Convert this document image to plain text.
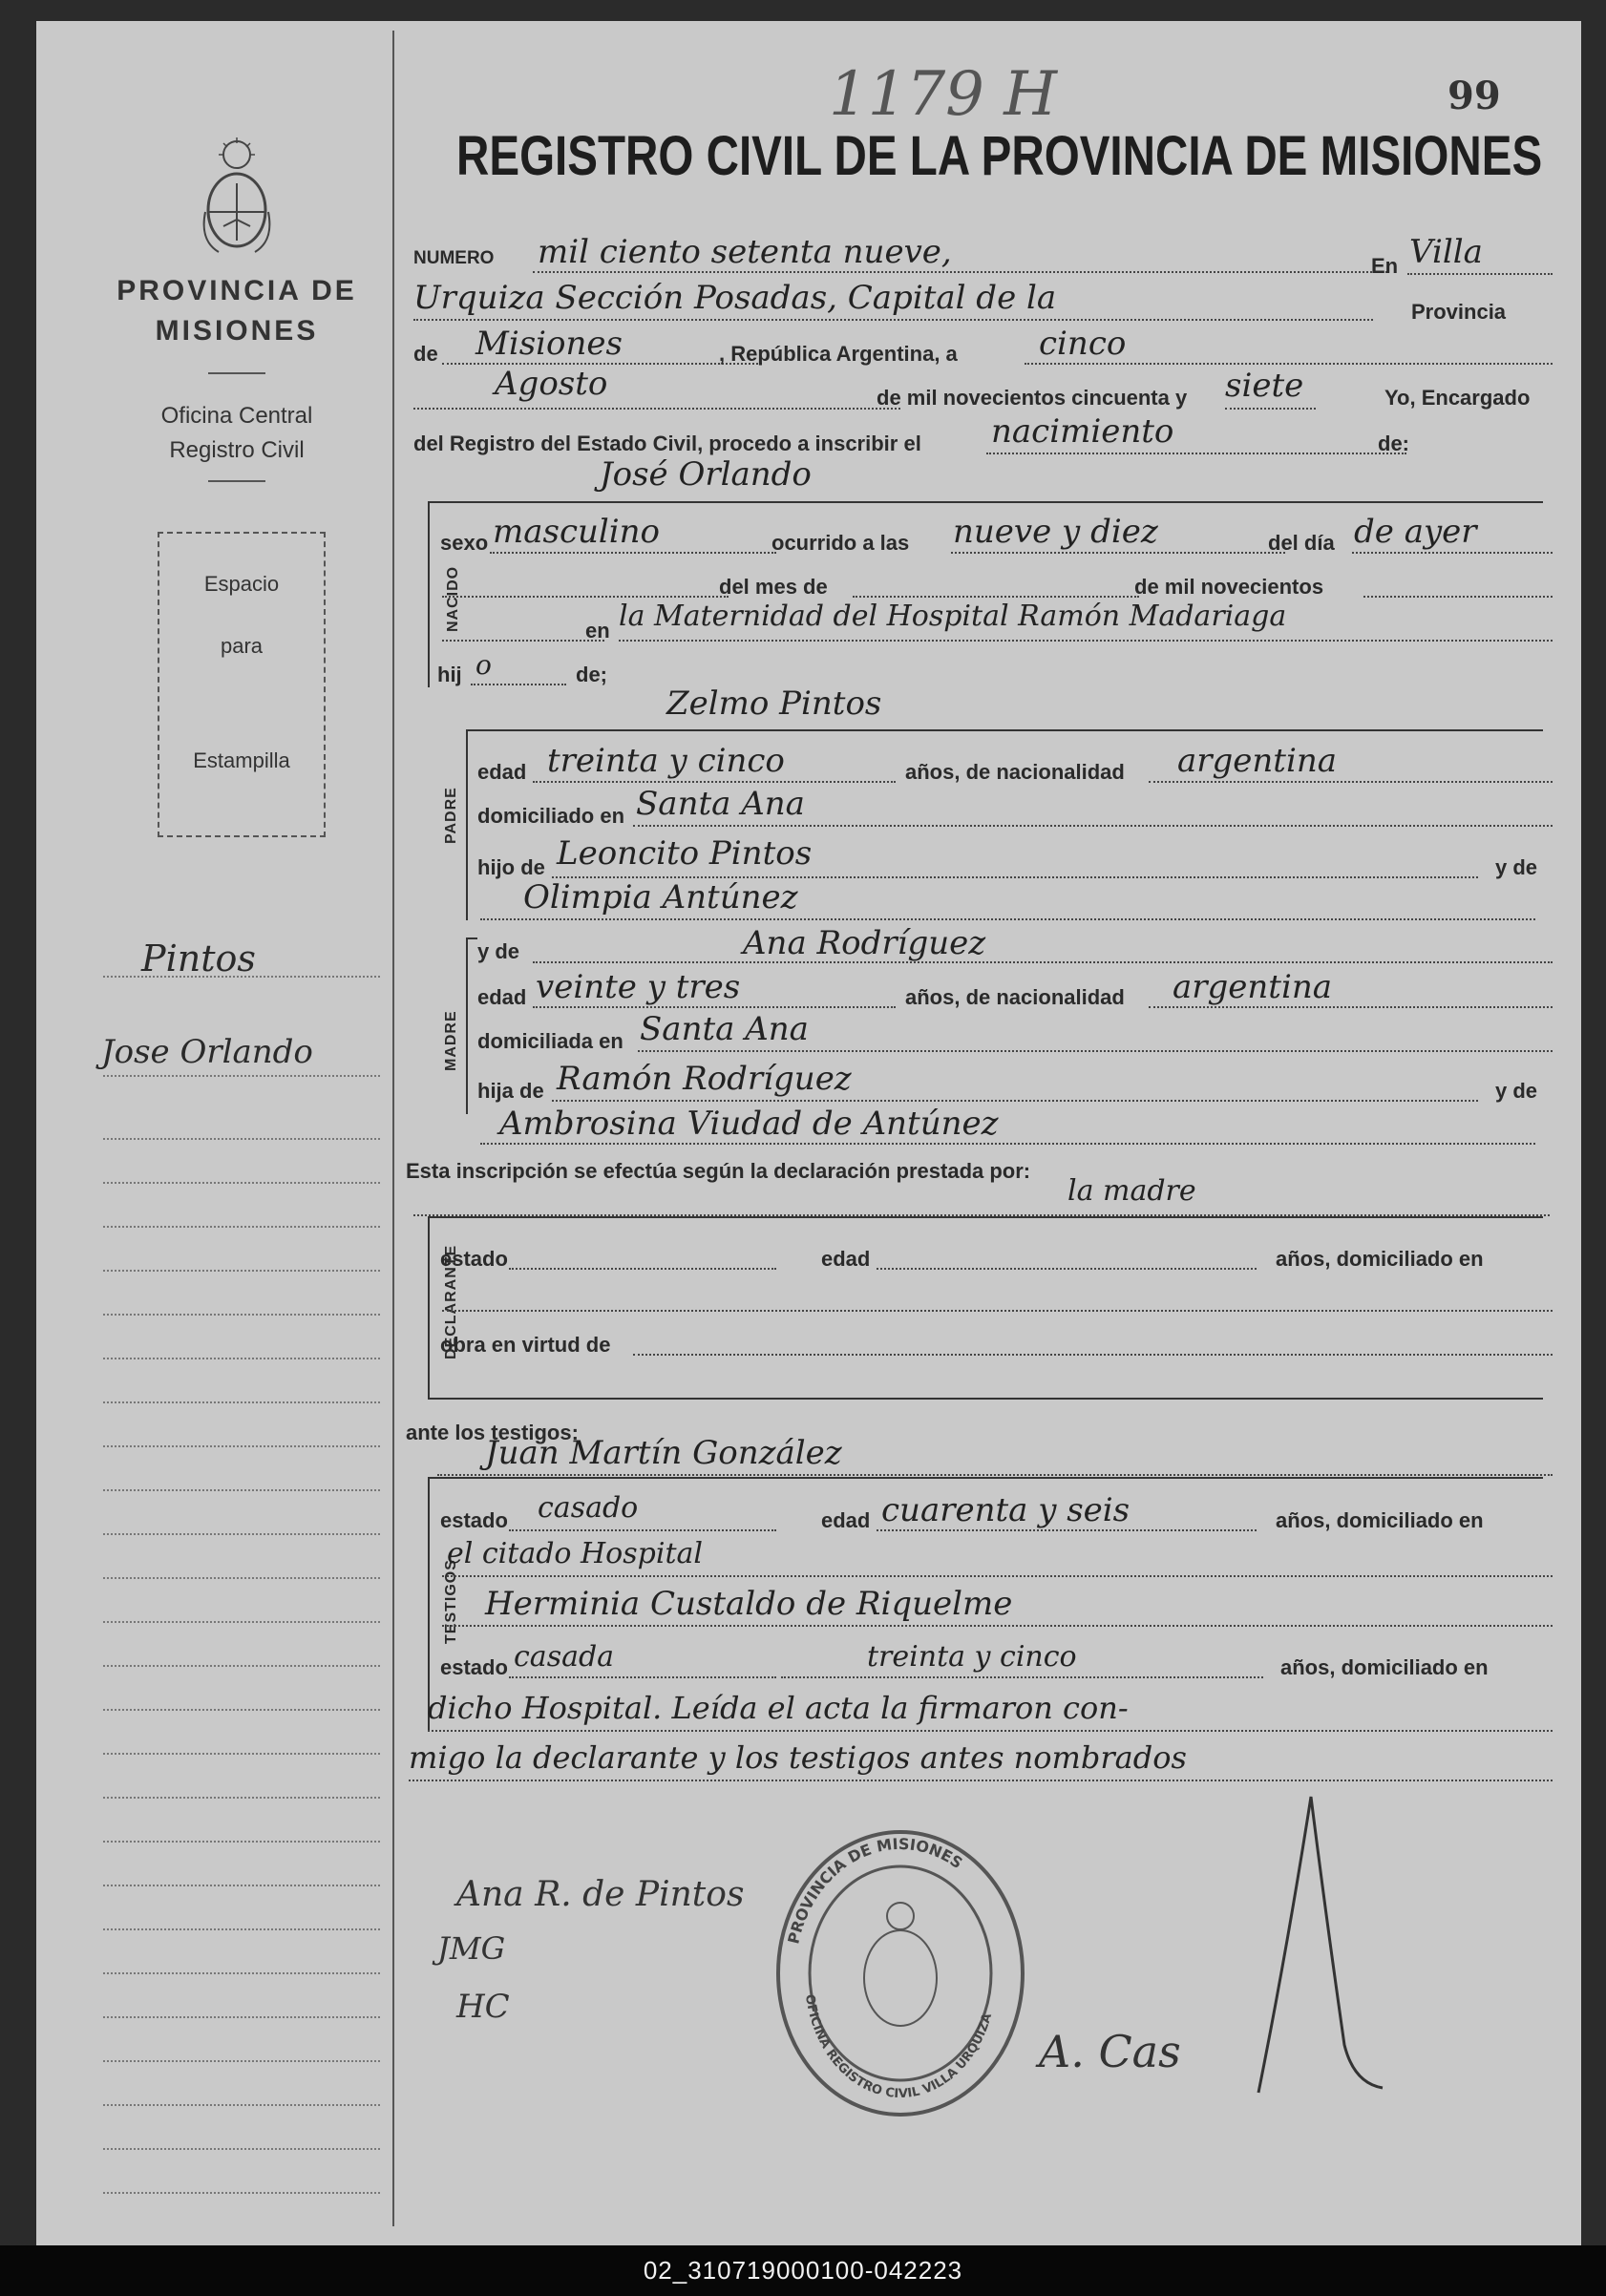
PROVINCIA DE MISIONES
Oficina Central
Registro Civil
Espacio
para
Estampilla
Pintos
Jose Orlando
1179 H	99
REGISTRO CIVIL DE LA PROVINCIA DE MISIONES
NUMERO mil ciento setenta nueve,	En Villa
Urquiza Sección Posadas, Capital de la	Provincia
de Misiones	, República Argentina, a	cinco
Agosto	de mil novecientos cincuenta y siete	Yo, Encargado
del Registro del Estado Civil, procedo a inscribir el nacimiento	de:
José Orlando
NACIDO
sexo masculino	ocurrido a las nueve y diez	del día de ayer
del mes de	de mil novecientos
en la Maternidad del Hospital Ramón Madariaga
hij o	de;
Zelmo Pintos
PADRE
edad treinta y cinco	años, de nacionalidad argentina
domiciliado en Santa Ana
hijo de Leoncito Pintos	y de
Olimpia Antúnez
y de	Ana Rodríguez
MADRE
edad veinte y tres	años, de nacionalidad argentina
domiciliada en Santa Ana
hija de Ramón Rodríguez	y de
Ambrosina Viudad de Antúnez
Esta inscripción se efectúa según la declaración prestada por:
la madre
DECLARANTE
estado	edad	años, domiciliado en
obra en virtud de
ante los testigos:
Juan Martín González
TESTIGOS
estado casado	edad cuarenta y seis	años, domiciliado en
el citado Hospital
Herminia Custaldo de Riquelme
estado casada	treinta y cinco	años, domiciliado en
dicho Hospital. Leída el acta la firmaron con-
migo la declarante y los testigos antes nombrados
Ana R. de Pintos
JMG
HC
A. Cas
PROVINCIA DE MISIONES
OFICINA REGISTRO CIVIL VILLA URQUIZA
02_310719000100-042223
